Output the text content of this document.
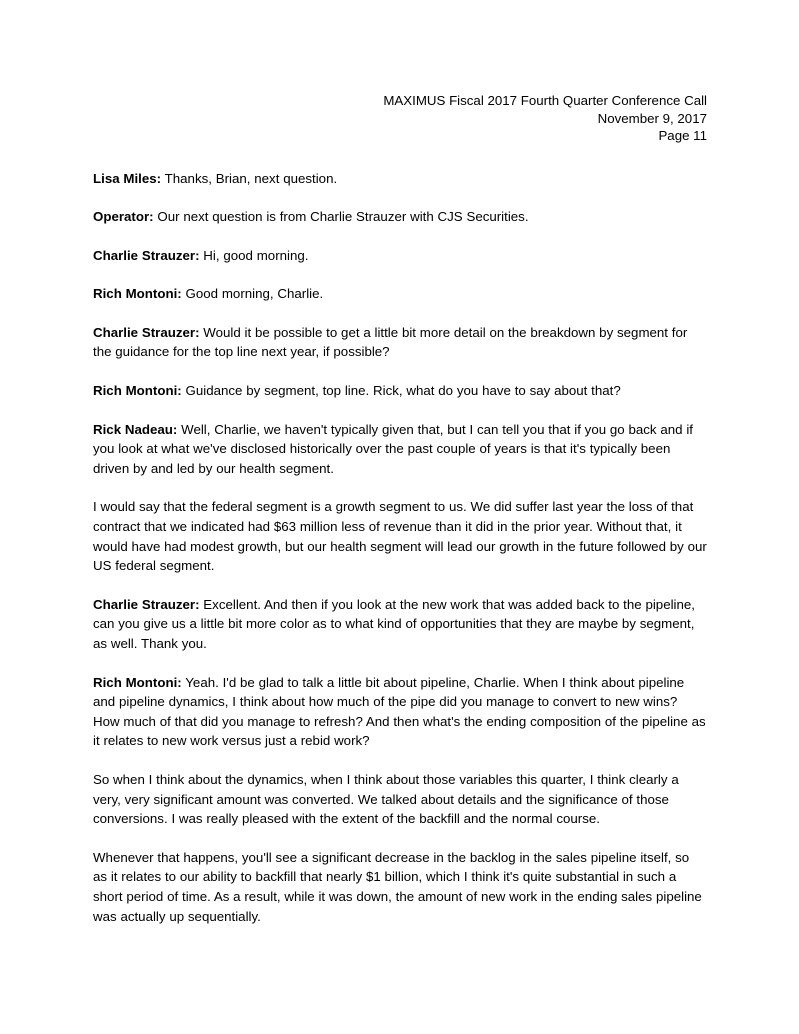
MAXIMUS Fiscal 2017 Fourth Quarter Conference Call
November 9, 2017
Page 11

Lisa Miles: Thanks, Brian, next question.

Operator: Our next question is from Charlie Strauzer with CJS Securities.

Charlie Strauzer: Hi, good morning.

Rich Montoni: Good morning, Charlie.

Charlie Strauzer: Would it be possible to get a little bit more detail on the breakdown by segment for the guidance for the top line next year, if possible?

Rich Montoni: Guidance by segment, top line. Rick, what do you have to say about that?

Rick Nadeau: Well, Charlie, we haven't typically given that, but I can tell you that if you go back and if you look at what we've disclosed historically over the past couple of years is that it's typically been driven by and led by our health segment.

I would say that the federal segment is a growth segment to us. We did suffer last year the loss of that contract that we indicated had $63 million less of revenue than it did in the prior year. Without that, it would have had modest growth, but our health segment will lead our growth in the future followed by our US federal segment.

Charlie Strauzer: Excellent. And then if you look at the new work that was added back to the pipeline, can you give us a little bit more color as to what kind of opportunities that they are maybe by segment, as well. Thank you.

Rich Montoni: Yeah. I'd be glad to talk a little bit about pipeline, Charlie. When I think about pipeline and pipeline dynamics, I think about how much of the pipe did you manage to convert to new wins? How much of that did you manage to refresh? And then what's the ending composition of the pipeline as it relates to new work versus just a rebid work?

So when I think about the dynamics, when I think about those variables this quarter, I think clearly a very, very significant amount was converted. We talked about details and the significance of those conversions. I was really pleased with the extent of the backfill and the normal course.

Whenever that happens, you'll see a significant decrease in the backlog in the sales pipeline itself, so as it relates to our ability to backfill that nearly $1 billion, which I think it's quite substantial in such a short period of time. As a result, while it was down, the amount of new work in the ending sales pipeline was actually up sequentially.
